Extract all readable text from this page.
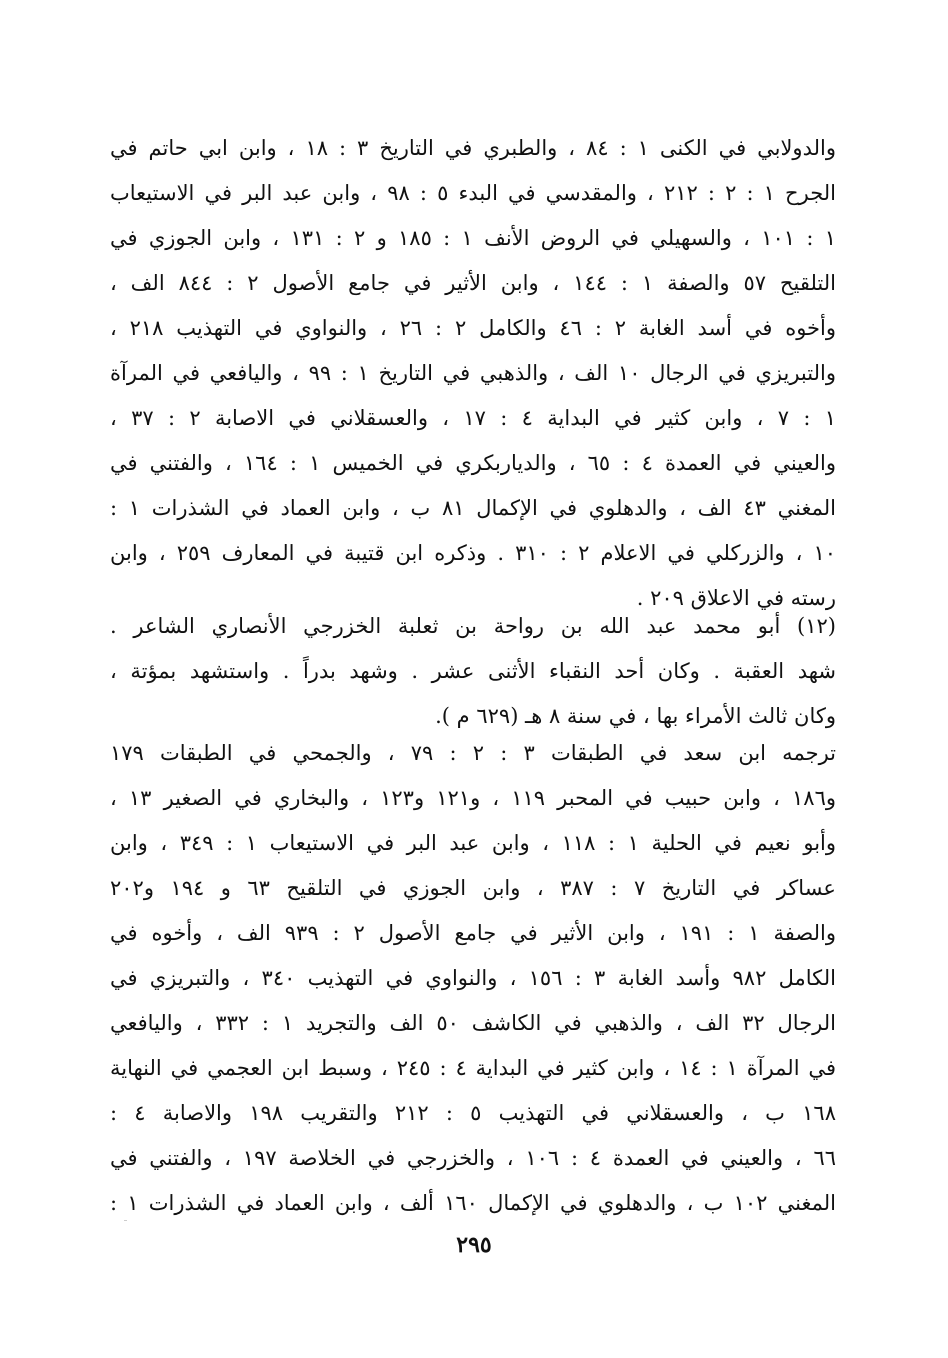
والدولابي في الكنى ١ : ٨٤ ، والطبري في التاريخ ٣ : ١٨ ، وابن ابي حاتم في
الجرح ١ : ٢ : ٢١٢ ، والمقدسي في البدء ٥ : ٩٨ ، وابن عبد البر في الاستيعاب
١ : ١٠١ ، والسهيلي في الروض الأنف ١ : ١٨٥ و ٢ : ١٣١ ، وابن الجوزي في
التلقيح ٥٧ والصفة ١ : ١٤٤ ، وابن الأثير في جامع الأصول ٢ : ٨٤٤ الف ،
وأخوه في أسد الغابة ٢ : ٤٦ والكامل ٢ : ٢٦ ، والنواوي في التهذيب ٢١٨ ،
والتبريزي في الرجال ١٠ الف ، والذهبي في التاريخ ١ : ٩٩ ، واليافعي في المرآة
١ : ٧ ، وابن كثير في البداية ٤ : ١٧ ، والعسقلاني في الاصابة ٢ : ٣٧ ،
والعيني في العمدة ٤ : ٦٥ ، والدياربكري في الخميس ١ : ١٦٤ ، والفتني في
المغني ٤٣ الف ، والدهلوي في الإكمال ٨١ ب ، وابن العماد في الشذرات ١ :
١٠ ، والزركلي في الاعلام ٢ : ٣١٠ . وذكره ابن قتيبة في المعارف ٢٥٩ ، وابن
رسته في الاعلاق ٢٠٩ .
(١٢) أبو محمد عبد الله بن رواحة بن ثعلبة الخزرجي الأنصاري الشاعر .
شهد العقبة . وكان أحد النقباء الأثنى عشر . وشهد بدراً . واستشهد بمؤتة ،
وكان ثالث الأمراء بها ، في سنة ٨ هـ (٦٢٩ م ).
ترجمه ابن سعد في الطبقات ٣ : ٢ : ٧٩ ، والجمحي في الطبقات ١٧٩
و١٨٦ ، وابن حبيب في المحبر ١١٩ ، و١٢١ و١٢٣ ، والبخاري في الصغير ١٣ ،
وأبو نعيم في الحلية ١ : ١١٨ ، وابن عبد البر في الاستيعاب ١ : ٣٤٩ ، وابن
عساكر في التاريخ ٧ : ٣٨٧ ، وابن الجوزي في التلقيح ٦٣ و ١٩٤ و٢٠٢
والصفة ١ : ١٩١ ، وابن الأثير في جامع الأصول ٢ : ٩٣٩ الف ، وأخوه في
الكامل ٩٨٢ وأسد الغابة ٣ : ١٥٦ ، والنواوي في التهذيب ٣٤٠ ، والتبريزي في
الرجال ٣٢ الف ، والذهبي في الكاشف ٥٠ الف والتجريد ١ : ٣٣٢ ، واليافعي
في المرآة ١ : ١٤ ، وابن كثير في البداية ٤ : ٢٤٥ ، وسبط ابن العجمي في النهاية
١٦٨ ب ، والعسقلاني في التهذيب ٥ : ٢١٢ والتقريب ١٩٨ والاصابة ٤ :
٦٦ ، والعيني في العمدة ٤ : ١٠٦ ، والخزرجي في الخلاصة ١٩٧ ، والفتني في
المغني ١٠٢ ب ، والدهلوي في الإكمال ١٦٠ ألف ، وابن العماد في الشذرات ١ :
٢٩٥
